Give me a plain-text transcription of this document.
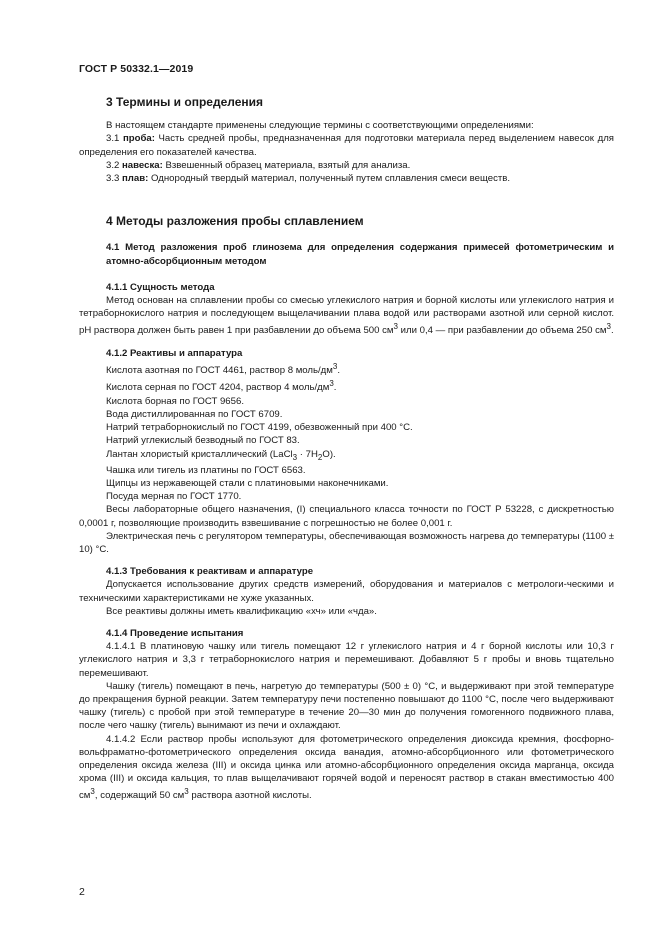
ГОСТ Р 50332.1—2019

3 Термины и определения

В настоящем стандарте применены следующие термины с соответствующими определениями:

3.1 проба: Часть средней пробы, предназначенная для подготовки материала перед выделением навесок для определения его показателей качества.

3.2 навеска: Взвешенный образец материала, взятый для анализа.

3.3 плав: Однородный твердый материал, полученный путем сплавления смеси веществ.

4 Методы разложения пробы сплавлением

4.1 Метод разложения проб глинозема для определения содержания примесей фотометрическим и атомно-абсорбционным методом

4.1.1 Сущность метода

Метод основан на сплавлении пробы со смесью углекислого натрия и борной кислоты или углекислого натрия и тетраборнокислого натрия и последующем выщелачивании плава водой или растворами азотной или серной кислот. pH раствора должен быть равен 1 при разбавлении до объема 500 $см^3$ или 0,4 — при разбавлении до объема 250 $см^3$.

4.1.2 Реактивы и аппаратура

Кислота азотная по ГОСТ 4461, раствор 8 моль/$дм^3$.

Кислота серная по ГОСТ 4204, раствор 4 моль/$дм^3$.

Кислота борная по ГОСТ 9656.

Вода дистиллированная по ГОСТ 6709.

Натрий тетраборнокислый по ГОСТ 4199, обезвоженный при 400 °C.

Натрий углекислый безводный по ГОСТ 83.

Лантан хлористый кристаллический (LaCl$_3$ · $7H_2O$).

Чашка или тигель из платины по ГОСТ 6563.

Щипцы из нержавеющей стали с платиновыми наконечниками.

Посуда мерная по ГОСТ 1770.

Весы лабораторные общего назначения, (I) специального класса точности по ГОСТ Р 53228, с дискретностью 0,0001 г, позволяющие производить взвешивание с погрешностью не более 0,001 г.

Электрическая печь с регулятором температуры, обеспечивающая возможность нагрева до температуры (1100 ± 10) °C.

4.1.3 Требования к реактивам и аппаратуре

Допускается использование других средств измерений, оборудования и материалов с метрологи-ческими и техническими характеристиками не хуже указанных.

Все реактивы должны иметь квалификацию «хч» или «чда».

4.1.4 Проведение испытания

4.1.4.1 В платиновую чашку или тигель помещают 12 г углекислого натрия и 4 г борной кислоты или 10,3 г углекислого натрия и 3,3 г тетраборнокислого натрия и перемешивают. Добавляют 5 г пробы и вновь тщательно перемешивают.

Чашку (тигель) помещают в печь, нагретую до температуры (500 ± 0) °C, и выдерживают при этой температуре до прекращения бурной реакции. Затем температуру печи постепенно повышают до 1100 °C, после чего выдерживают чашку (тигель) с пробой при этой температуре в течение 20—30 мин до получения гомогенного подвижного плава, после чего чашку (тигель) вынимают из печи и охлаждают.

4.1.4.2 Если раствор пробы используют для фотометрического определения диоксида кремния, фосфорно-вольфраматно-фотометрического определения оксида ванадия, атомно-абсорбционного или фотометрического определения оксида железа (III) и оксида цинка или атомно-абсорбционного определения оксида марганца, оксида хрома (III) и оксида кальция, то плав выщелачивают горячей водой и переносят раствор в стакан вместимостью 400 $см^3$, содержащий 50 $см^3$ раствора азотной кислоты.

2
